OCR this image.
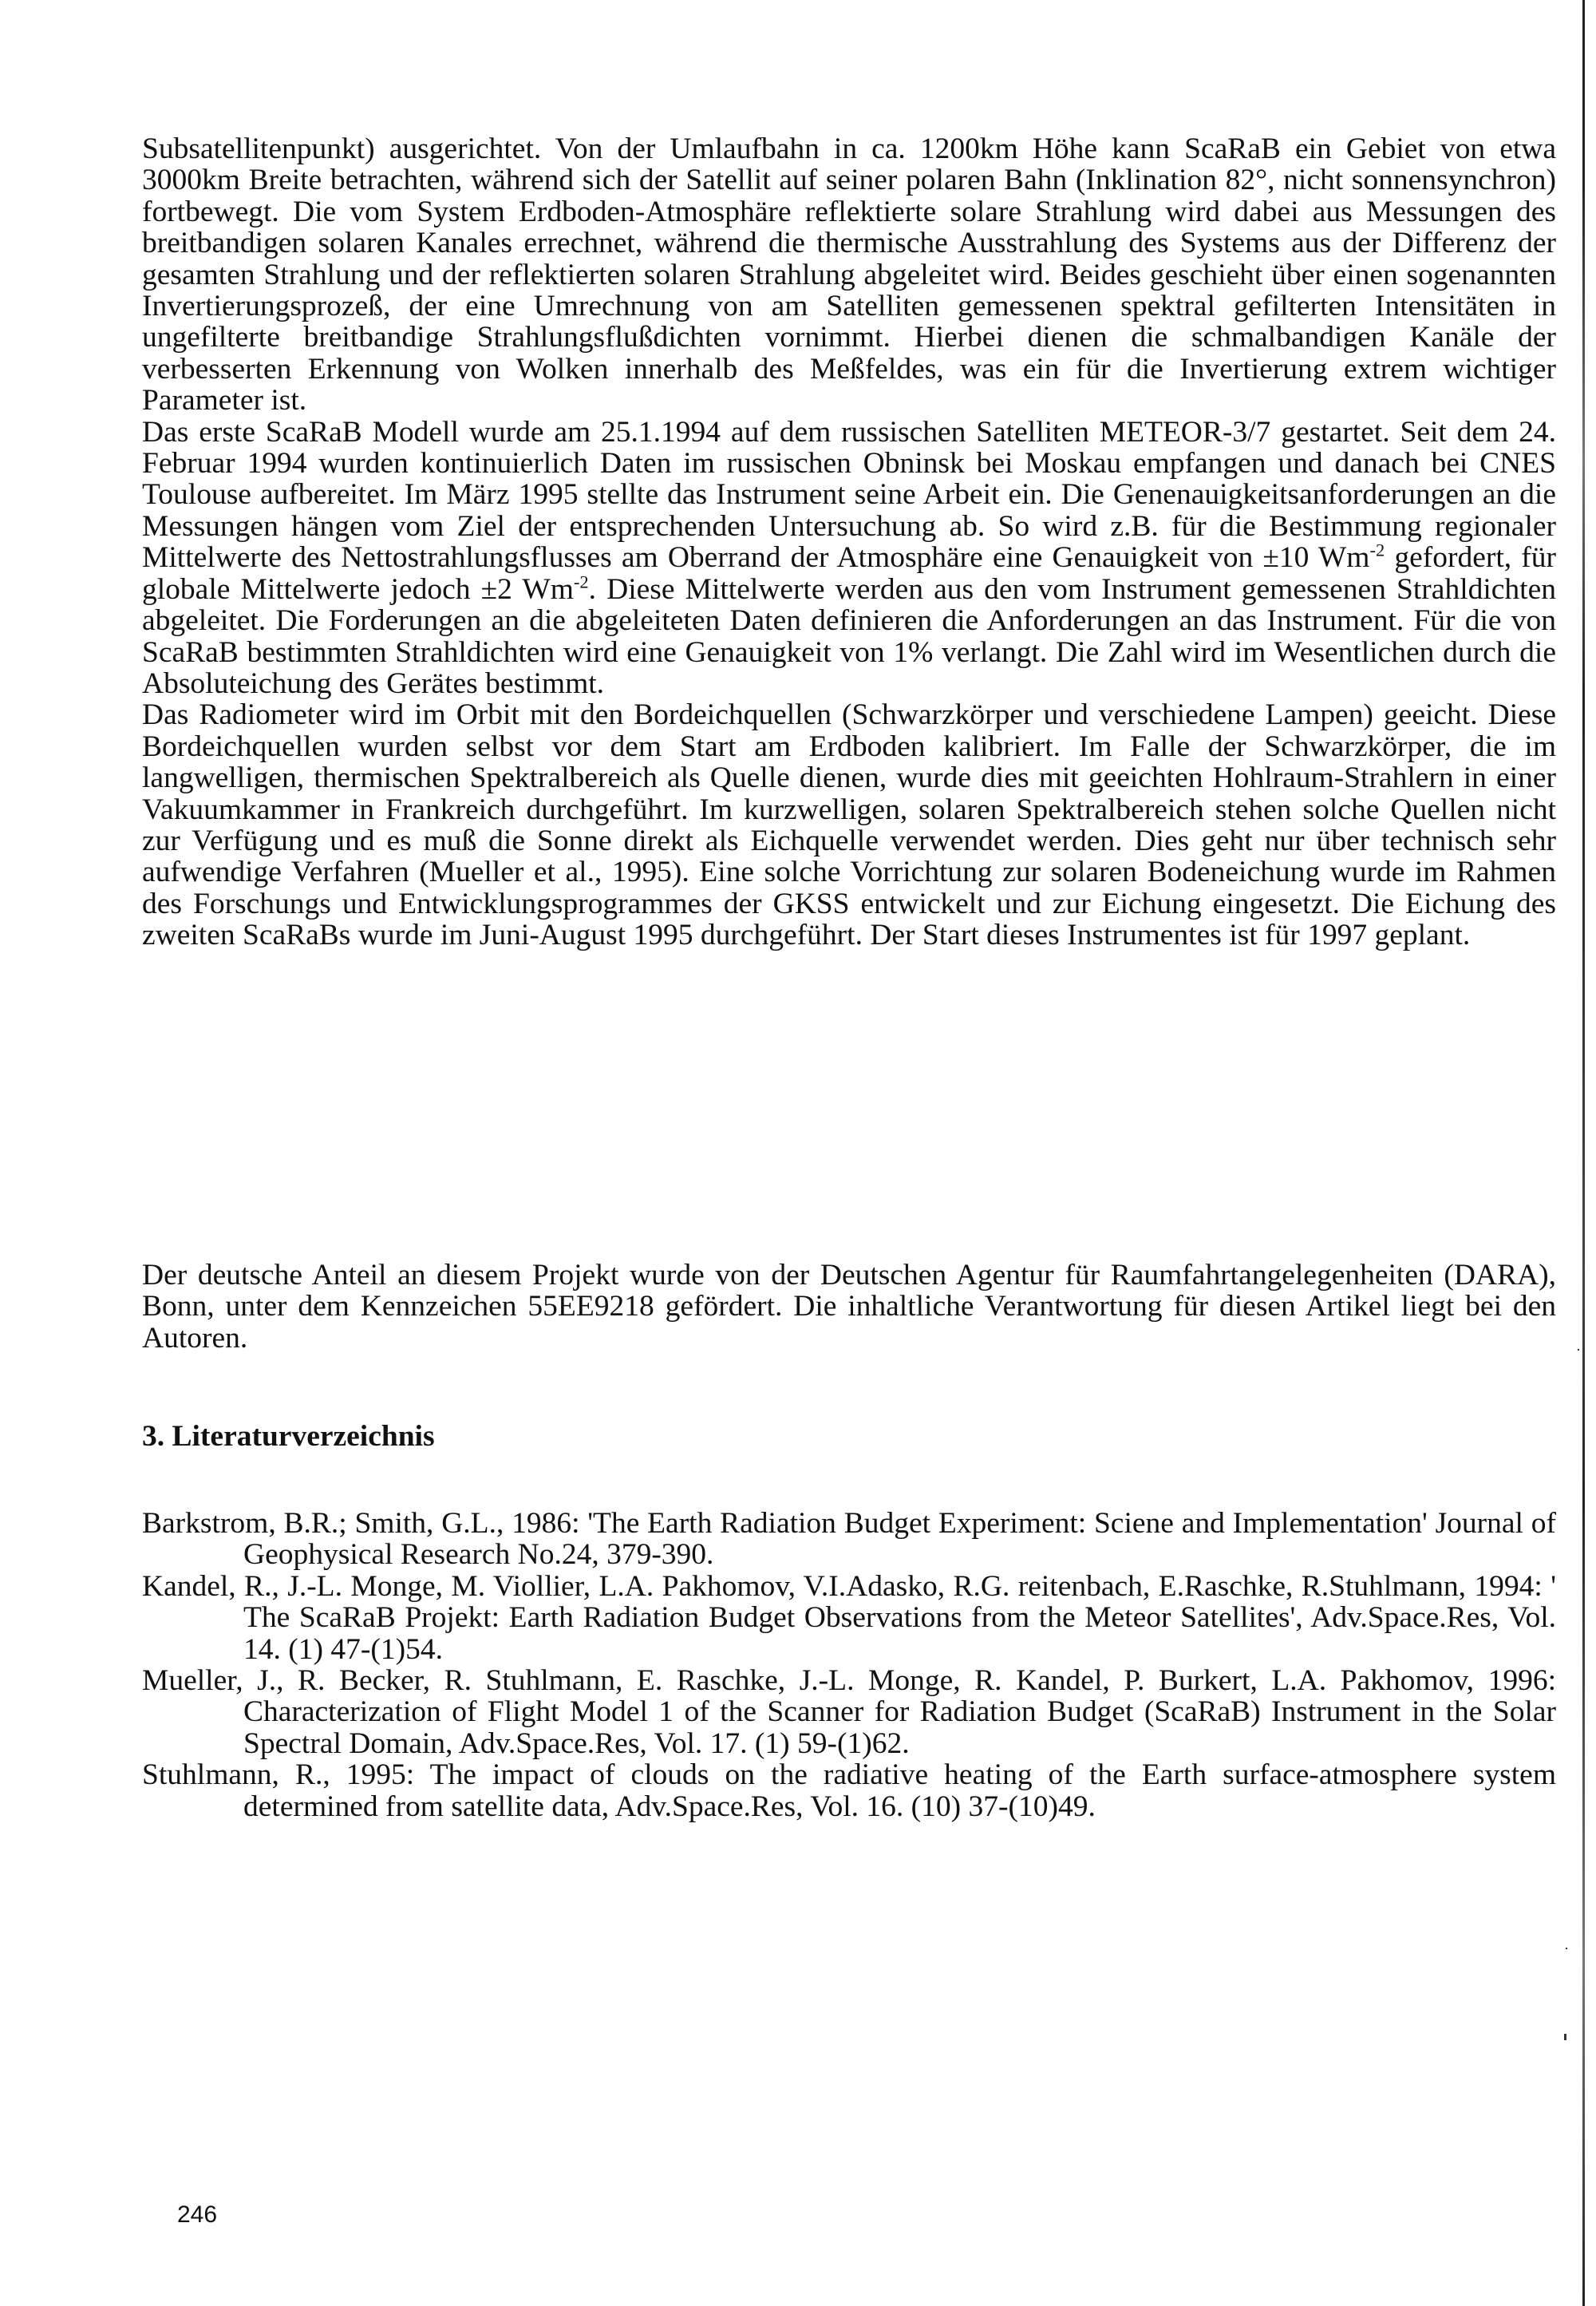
Subsatellitenpunkt) ausgerichtet. Von der Umlaufbahn in ca. 1200km Höhe kann ScaRaB ein Gebiet von etwa 3000km Breite betrachten, während sich der Satellit auf seiner polaren Bahn (Inklination 82°, nicht sonnensynchron) fortbewegt. Die vom System Erdboden-Atmosphäre reflektierte solare Strahlung wird dabei aus Messungen des breitbandigen solaren Kanales errechnet, während die thermische Ausstrahlung des Systems aus der Differenz der gesamten Strahlung und der reflektierten solaren Strahlung abgeleitet wird. Beides geschieht über einen sogenannten Invertierungsprozeß, der eine Umrechnung von am Satelliten gemessenen spektral gefilterten Intensitäten in ungefilterte breitbandige Strahlungsflußdichten vornimmt. Hierbei dienen die schmalbandigen Kanäle der verbesserten Erkennung von Wolken innerhalb des Meßfeldes, was ein für die Invertierung extrem wichtiger Parameter ist.

Das erste ScaRaB Modell wurde am 25.1.1994 auf dem russischen Satelliten METEOR-3/7 gestartet. Seit dem 24. Februar 1994 wurden kontinuierlich Daten im russischen Obninsk bei Moskau empfangen und danach bei CNES Toulouse aufbereitet. Im März 1995 stellte das Instrument seine Arbeit ein. Die Genenauigkeitsanforderungen an die Messungen hängen vom Ziel der entsprechenden Untersuchung ab. So wird z.B. für die Bestimmung regionaler Mittelwerte des Nettostrahlungsflusses am Oberrand der Atmosphäre eine Genauigkeit von ±10 $Wm^{-2}$ gefordert, für globale Mittelwerte jedoch ±2 $Wm^{-2}$. Diese Mittelwerte werden aus den vom Instrument gemessenen Strahldichten abgeleitet. Die Forderungen an die abgeleiteten Daten definieren die Anforderungen an das Instrument. Für die von ScaRaB bestimmten Strahldichten wird eine Genauigkeit von 1% verlangt. Die Zahl wird im Wesentlichen durch die Absoluteichung des Gerätes bestimmt.

Das Radiometer wird im Orbit mit den Bordeichquellen (Schwarzkörper und verschiedene Lampen) geeicht. Diese Bordeichquellen wurden selbst vor dem Start am Erdboden kalibriert. Im Falle der Schwarzkörper, die im langwelligen, thermischen Spektralbereich als Quelle dienen, wurde dies mit geeichten Hohlraum-Strahlern in einer Vakuumkammer in Frankreich durchgeführt. Im kurzwelligen, solaren Spektralbereich stehen solche Quellen nicht zur Verfügung und es muß die Sonne direkt als Eichquelle verwendet werden. Dies geht nur über technisch sehr aufwendige Verfahren (Mueller et al., 1995). Eine solche Vorrichtung zur solaren Bodeneichung wurde im Rahmen des Forschungs und Entwicklungsprogrammes der GKSS entwickelt und zur Eichung eingesetzt. Die Eichung des zweiten ScaRaBs wurde im Juni-August 1995 durchgeführt. Der Start dieses Instrumentes ist für 1997 geplant.

Der deutsche Anteil an diesem Projekt wurde von der Deutschen Agentur für Raumfahrtangelegenheiten (DARA), Bonn, unter dem Kennzeichen 55EE9218 gefördert. Die inhaltliche Verantwortung für diesen Artikel liegt bei den Autoren.

3. Literaturverzeichnis

Barkstrom, B.R.; Smith, G.L., 1986: 'The Earth Radiation Budget Experiment: Sciene and Implementation' Journal of Geophysical Research No.24, 379-390.

Kandel, R., J.-L. Monge, M. Viollier, L.A. Pakhomov, V.I.Adasko, R.G. reitenbach, E.Raschke, R.Stuhlmann, 1994: ' The ScaRaB Projekt: Earth Radiation Budget Observations from the Meteor Satellites', Adv.Space.Res, Vol. 14. (1) 47-(1)54.

Mueller, J., R. Becker, R. Stuhlmann, E. Raschke, J.-L. Monge, R. Kandel, P. Burkert, L.A. Pakhomov, 1996: Characterization of Flight Model 1 of the Scanner for Radiation Budget (ScaRaB) Instrument in the Solar Spectral Domain, Adv.Space.Res, Vol. 17. (1) 59-(1)62.

Stuhlmann, R., 1995: The impact of clouds on the radiative heating of the Earth surface-atmosphere system determined from satellite data, Adv.Space.Res, Vol. 16. (10) 37-(10)49.

246
